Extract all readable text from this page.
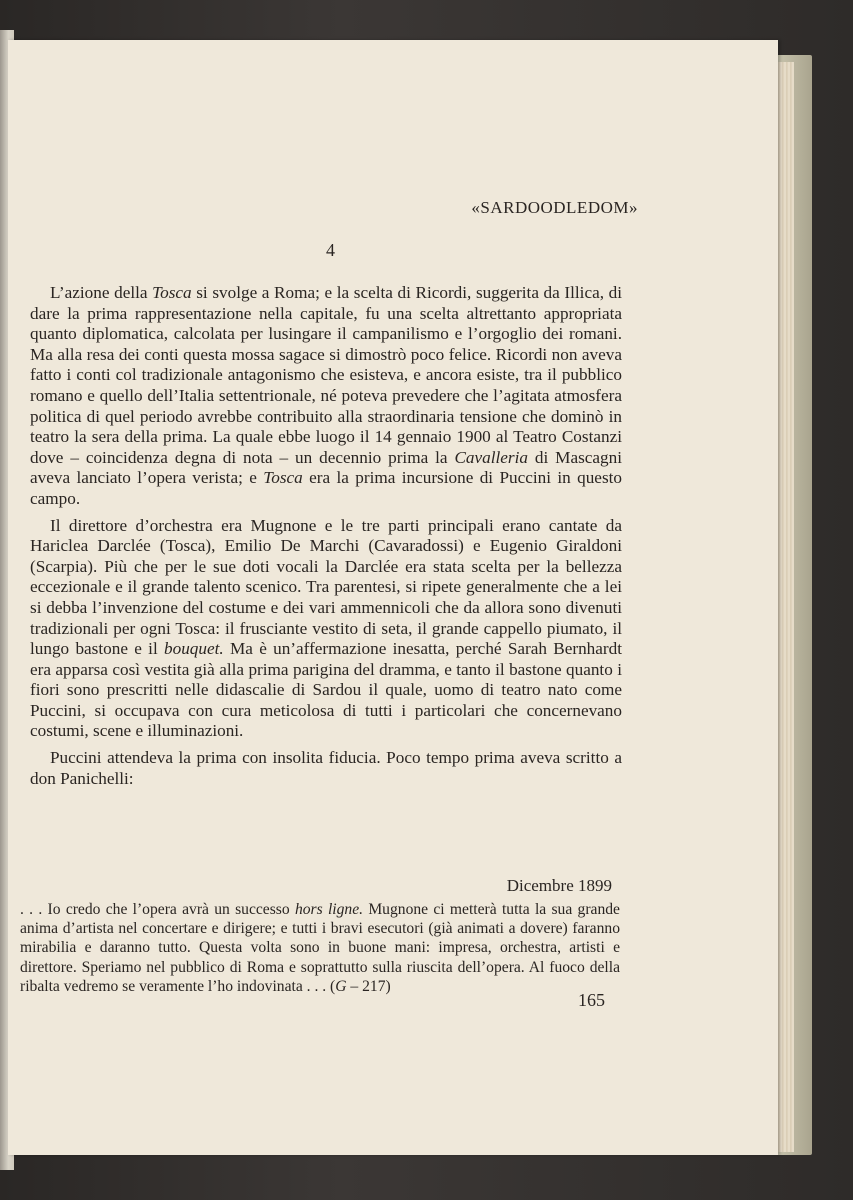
«SARDOODLEDOM»
4

L’azione della Tosca si svolge a Roma; e la scelta di Ricordi, suggerita da Illica, di dare la prima rappresentazione nella capitale, fu una scelta altrettanto appropriata quanto diplomatica, calcolata per lusingare il campanilismo e l’orgoglio dei romani. Ma alla resa dei conti questa mossa sagace si dimostrò poco felice. Ricordi non aveva fatto i conti col tradizionale antagonismo che esisteva, e ancora esiste, tra il pubblico romano e quello dell’Italia settentrionale, né poteva prevedere che l’agitata atmosfera politica di quel periodo avrebbe contribuito alla straordinaria tensione che dominò in teatro la sera della prima. La quale ebbe luogo il 14 gennaio 1900 al Teatro Costanzi dove – coincidenza degna di nota – un decennio prima la Cavalleria di Mascagni aveva lanciato l’opera verista; e Tosca era la prima incursione di Puccini in questo campo.

Il direttore d’orchestra era Mugnone e le tre parti principali erano cantate da Hariclea Darclée (Tosca), Emilio De Marchi (Cavaradossi) e Eugenio Giraldoni (Scarpia). Più che per le sue doti vocali la Darclée era stata scelta per la bellezza eccezionale e il grande talento scenico. Tra parentesi, si ripete generalmente che a lei si debba l’invenzione del costume e dei vari ammennicoli che da allora sono divenuti tradizionali per ogni Tosca: il frusciante vestito di seta, il grande cappello piumato, il lungo bastone e il bouquet. Ma è un’affermazione inesatta, perché Sarah Bernhardt era apparsa così vestita già alla prima parigina del dramma, e tanto il bastone quanto i fiori sono prescritti nelle didascalie di Sardou il quale, uomo di teatro nato come Puccini, si occupava con cura meticolosa di tutti i particolari che concernevano costumi, scene e illuminazioni.

Puccini attendeva la prima con insolita fiducia. Poco tempo prima aveva scritto a don Panichelli:

Dicembre 1899

. . . Io credo che l’opera avrà un successo hors ligne. Mugnone ci metterà tutta la sua grande anima d’artista nel concertare e dirigere; e tutti i bravi esecutori (già animati a dovere) faranno mirabilia e daranno tutto. Questa volta sono in buone mani: impresa, orchestra, artisti e direttore. Speriamo nel pubblico di Roma e soprattutto sulla riuscita dell’opera. Al fuoco della ribalta vedremo se veramente l’ho indovinata . . . (G – 217)

165
